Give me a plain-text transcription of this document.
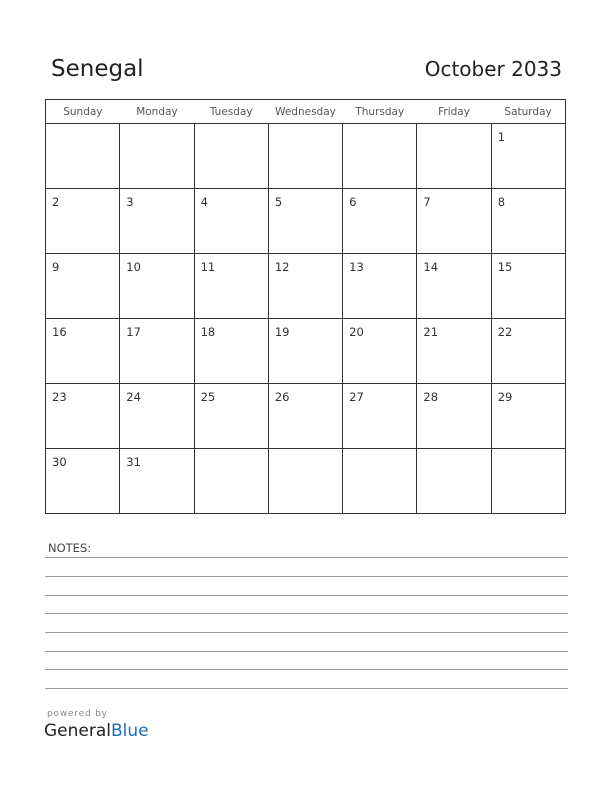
Senegal	October 2033
Sunday	Monday	Tuesday	Wednesday	Thursday	Friday	Saturday

						1

2	3	4	5	6	7	8

9	10	11	12	13	14	15

16	17	18	19	20	21	22

23	24	25	26	27	28	29

30	31					

NOTES:
powered by
GeneralBlue
